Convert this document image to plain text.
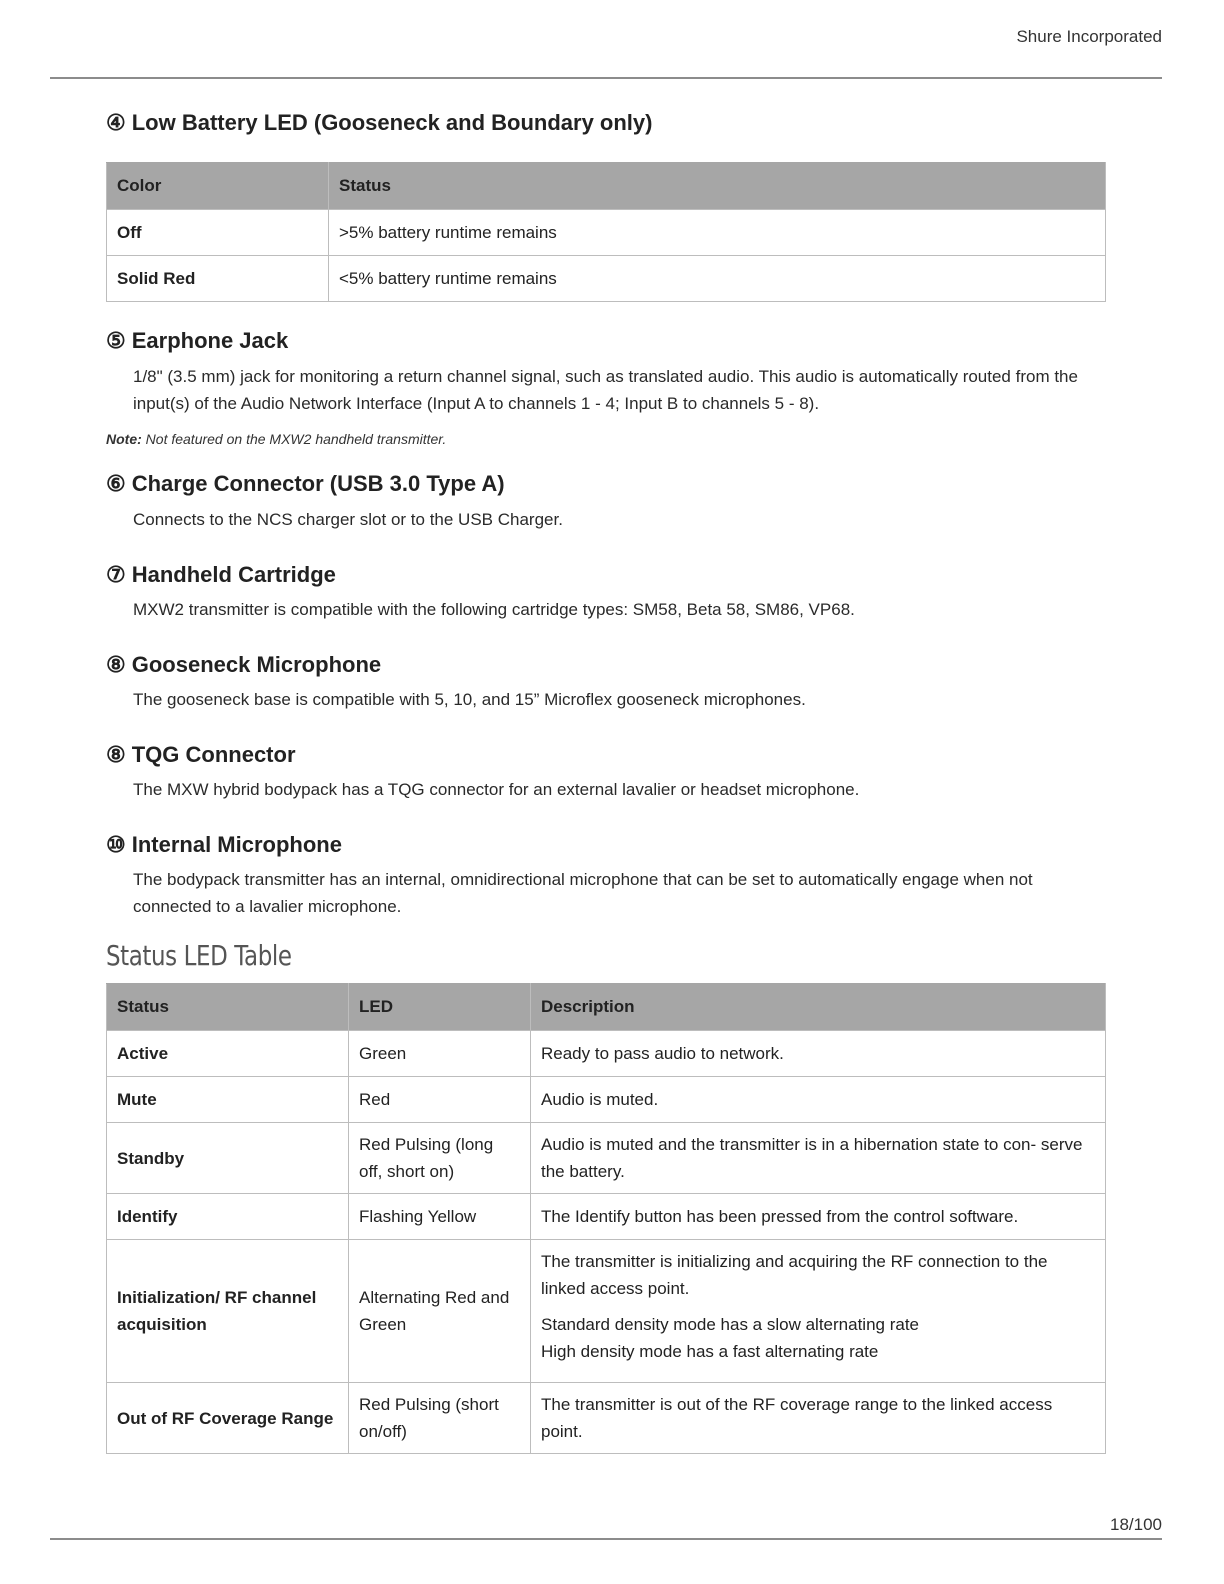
Shure Incorporated
④ Low Battery LED (Gooseneck and Boundary only)
Color	Status
Off	>5% battery runtime remains
Solid Red	<5% battery runtime remains
⑤ Earphone Jack

1/8" (3.5 mm) jack for monitoring a return channel signal, such as translated audio. This audio is automatically routed from the input(s) of the Audio Network Interface (Input A to channels 1 - 4; Input B to channels 5 - 8).

Note: Not featured on the MXW2 handheld transmitter.

⑥ Charge Connector (USB 3.0 Type A)

Connects to the NCS charger slot or to the USB Charger.

⑦ Handheld Cartridge

MXW2 transmitter is compatible with the following cartridge types: SM58, Beta 58, SM86, VP68.

⑧ Gooseneck Microphone

The gooseneck base is compatible with 5, 10, and 15” Microflex gooseneck microphones.

⑧ TQG Connector

The MXW hybrid bodypack has a TQG connector for an external lavalier or headset microphone.

⑩ Internal Microphone

The bodypack transmitter has an internal, omnidirectional microphone that can be set to automatically engage when not connected to a lavalier microphone.

Status LED Table
Status	LED	Description
Active	Green	Ready to pass audio to network.
Mute	Red	Audio is muted.
Standby	Red Pulsing (long off, short on)	Audio is muted and the transmitter is in a hibernation state to con- serve the battery.
Identify	Flashing Yellow	The Identify button has been pressed from the control software.
Initialization/ RF channel acquisition	Alternating Red and Green	The transmitter is initializing and acquiring the RF connection to the linked access point.

Standard density mode has a slow alternating rate
High density mode has a fast alternating rate

Out of RF Coverage Range	Red Pulsing (short on/off)	The transmitter is out of the RF coverage range to the linked access point.
18/100
